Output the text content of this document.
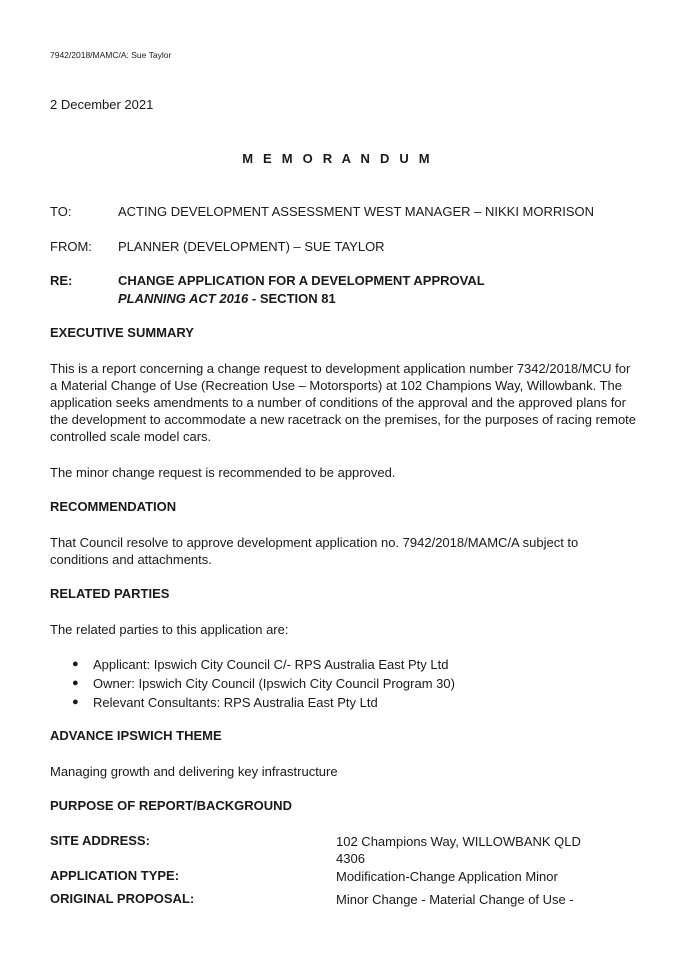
7942/2018/MAMC/A: Sue Taylor
2 December 2021
M E M O R A N D U M
TO:	ACTING DEVELOPMENT ASSESSMENT WEST MANAGER – NIKKI MORRISON
FROM: PLANNER (DEVELOPMENT) – SUE TAYLOR
RE:	CHANGE APPLICATION FOR A DEVELOPMENT APPROVAL
PLANNING ACT 2016 - SECTION 81
EXECUTIVE SUMMARY
This is a report concerning a change request to development application number 7342/2018/MCU for
a Material Change of Use (Recreation Use – Motorsports) at 102 Champions Way, Willowbank. The
application seeks amendments to a number of conditions of the approval and the approved plans for
the development to accommodate a new racetrack on the premises, for the purposes of racing remote
controlled scale model cars.
The minor change request is recommended to be approved.
RECOMMENDATION
That Council resolve to approve development application no. 7942/2018/MAMC/A subject to
conditions and attachments.
RELATED PARTIES
The related parties to this application are:
●	Applicant: Ipswich City Council C/- RPS Australia East Pty Ltd
●	Owner: Ipswich City Council (Ipswich City Council Program 30)
●	Relevant Consultants: RPS Australia East Pty Ltd
ADVANCE IPSWICH THEME
Managing growth and delivering key infrastructure
PURPOSE OF REPORT/BACKGROUND
SITE ADDRESS:	102 Champions Way, WILLOWBANK QLD
4306
APPLICATION TYPE:	Modification-Change Application Minor
ORIGINAL PROPOSAL:	Minor Change - Material Change of Use -
